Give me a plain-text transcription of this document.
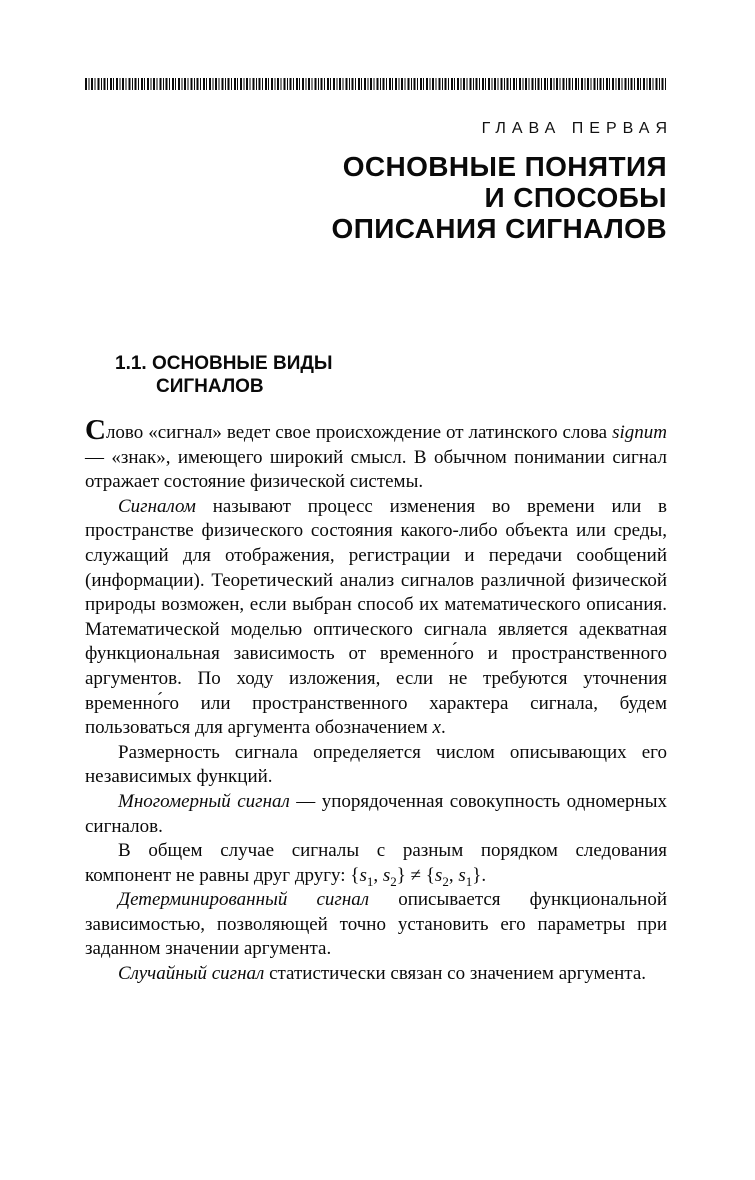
ГЛАВА ПЕРВАЯ
ОСНОВНЫЕ ПОНЯТИЯ
И СПОСОБЫ
ОПИСАНИЯ СИГНАЛОВ
1.1. ОСНОВНЫЕ ВИДЫ
СИГНАЛОВ

Слово «сигнал» ведет свое происхождение от латинского слова signum — «знак», имеющего широкий смысл. В обычном понимании сигнал отражает состояние физической системы.

Сигналом называют процесс изменения во времени или в пространстве физического состояния какого-либо объекта или среды, служащий для отображения, регистрации и передачи сообщений (информации). Теоретический анализ сигналов различной физической природы возможен, если выбран способ их математического описания. Математической моделью оптического сигнала является адекватная функциональная зависимость от временно́го и пространственного аргументов. По ходу изложения, если не требуются уточнения временно́го или пространственного характера сигнала, будем пользоваться для аргумента обозначением x.

Размерность сигнала определяется числом описывающих его независимых функций.

Многомерный сигнал — упорядоченная совокупность одномерных сигналов.

В общем случае сигналы с разным порядком следования компонент не равны друг другу: {$s_1$, $s_2\} \ne \{s_2$, $s_1$}.

Детерминированный сигнал описывается функциональной зависимостью, позволяющей точно установить его параметры при заданном значении аргумента.

Случайный сигнал статистически связан со значением аргумента.
